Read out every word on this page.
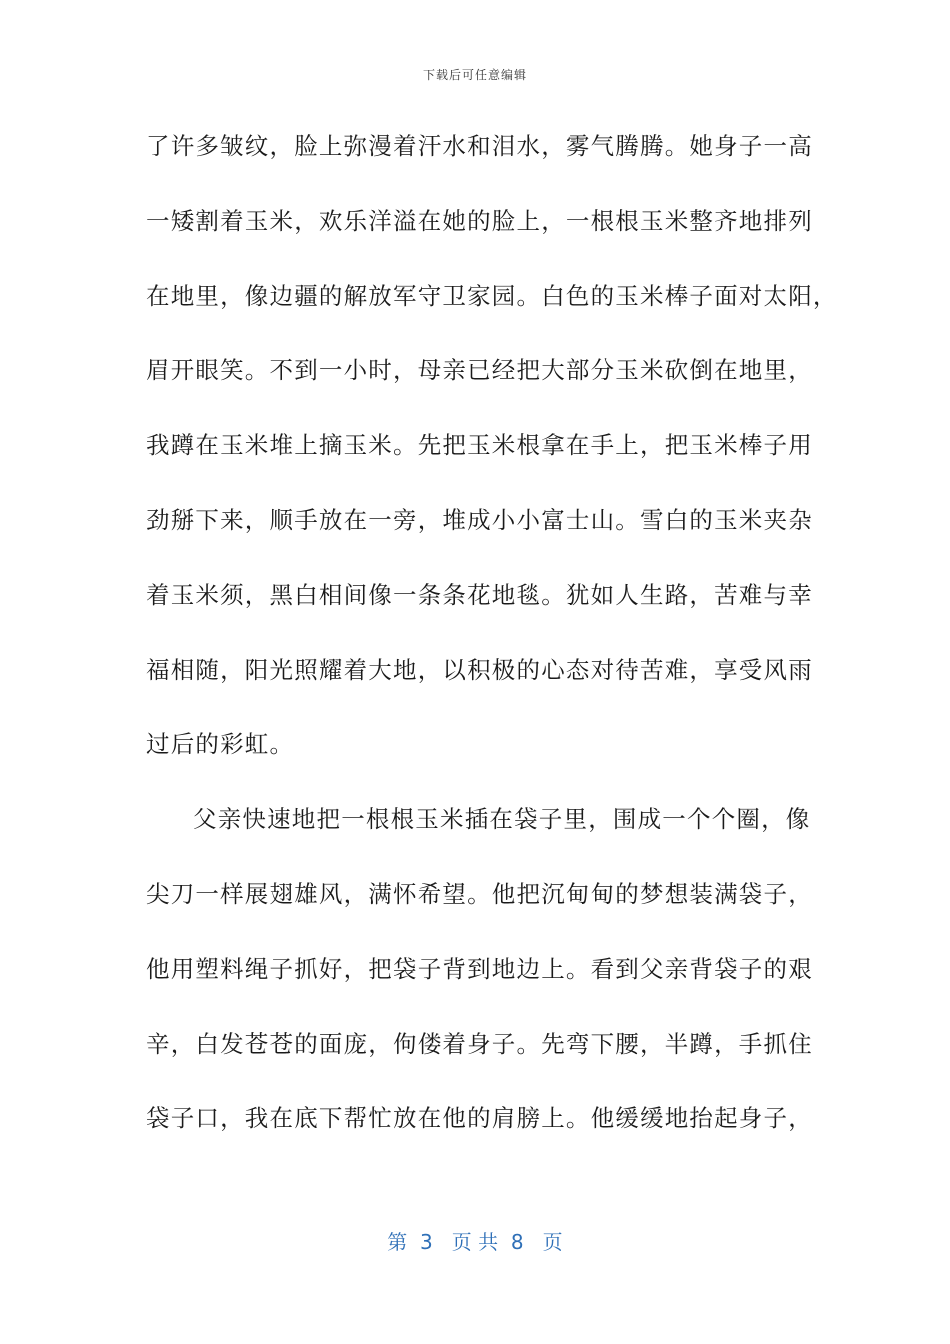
下载后可任意编辑
了许多皱纹，脸上弥漫着汗水和泪水，雾气腾腾。她身子一高
一矮割着玉米，欢乐洋溢在她的脸上，一根根玉米整齐地排列
在地里，像边疆的解放军守卫家园。白色的玉米棒子面对太阳，
眉开眼笑。不到一小时，母亲已经把大部分玉米砍倒在地里，
我蹲在玉米堆上摘玉米。先把玉米根拿在手上，把玉米棒子用
劲掰下来，顺手放在一旁，堆成小小富士山。雪白的玉米夹杂
着玉米须，黑白相间像一条条花地毯。犹如人生路，苦难与幸
福相随，阳光照耀着大地，以积极的心态对待苦难，享受风雨
过后的彩虹。
父亲快速地把一根根玉米插在袋子里，围成一个个圈，像
尖刀一样展翅雄风，满怀希望。他把沉甸甸的梦想装满袋子，
他用塑料绳子抓好，把袋子背到地边上。看到父亲背袋子的艰
辛，白发苍苍的面庞，佝偻着身子。先弯下腰，半蹲，手抓住
袋子口，我在底下帮忙放在他的肩膀上。他缓缓地抬起身子，
第  3   页 共  8   页
